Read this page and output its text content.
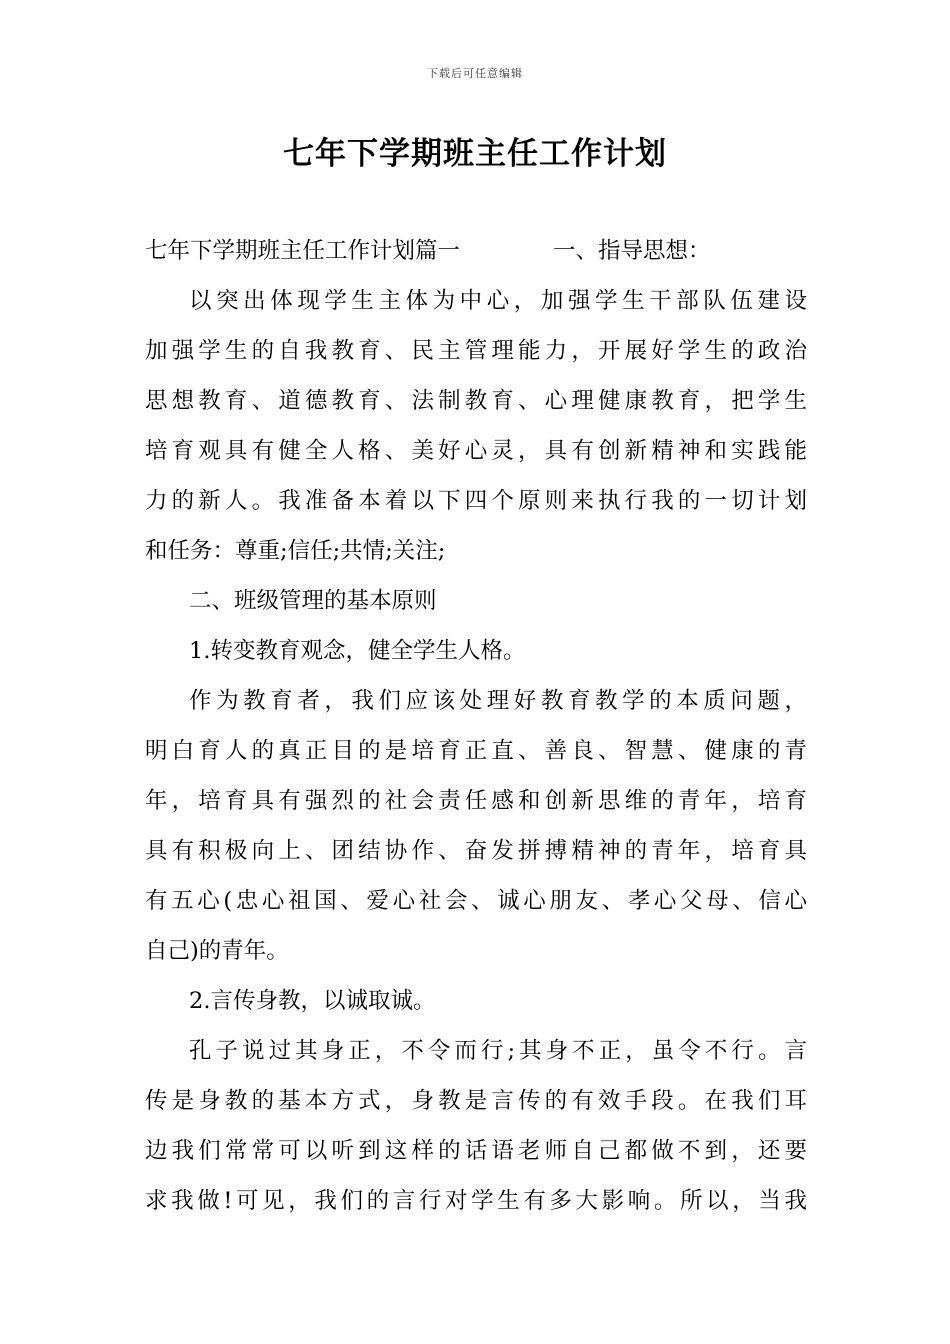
下载后可任意编辑
七年下学期班主任工作计划
七年下学期班主任工作计划篇一	一、指导思想：
以突出体现学生主体为中心，加强学生干部队伍建设
加强学生的自我教育、民主管理能力，开展好学生的政治
思想教育、道德教育、法制教育、心理健康教育，把学生
培育观具有健全人格、美好心灵，具有创新精神和实践能
力的新人。我准备本着以下四个原则来执行我的一切计划
和任务：尊重;信任;共情;关注;
二、班级管理的基本原则
1.转变教育观念，健全学生人格。
作为教育者，我们应该处理好教育教学的本质问题，
明白育人的真正目的是培育正直、善良、智慧、健康的青
年，培育具有强烈的社会责任感和创新思维的青年，培育
具有积极向上、团结协作、奋发拼搏精神的青年，培育具
有五心(忠心祖国、爱心社会、诚心朋友、孝心父母、信心
自己)的青年。
2.言传身教，以诚取诚。
孔子说过其身正，不令而行;其身不正，虽令不行。言
传是身教的基本方式，身教是言传的有效手段。在我们耳
边我们常常可以听到这样的话语老师自己都做不到，还要
求我做!可见，我们的言行对学生有多大影响。所以，当我
